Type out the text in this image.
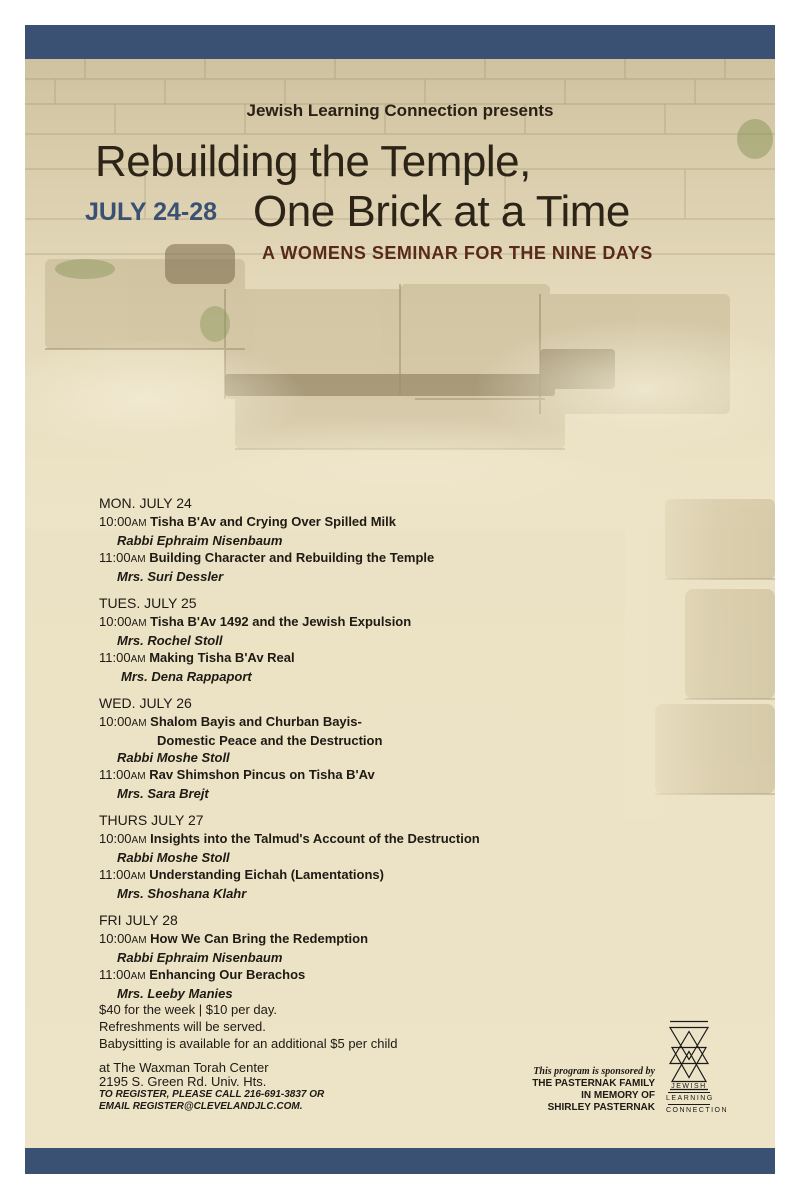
Jewish Learning Connection presents
Rebuilding the Temple,
JULY 24-28 One Brick at a Time
A WOMENS SEMINAR FOR THE NINE DAYS
MON. JULY 24
10:00AM Tisha B'Av and Crying Over Spilled Milk
Rabbi Ephraim Nisenbaum
11:00AM Building Character and Rebuilding the Temple
Mrs. Suri Dessler
TUES. JULY 25
10:00AM Tisha B'Av 1492 and the Jewish Expulsion
Mrs. Rochel Stoll
11:00AM Making Tisha B'Av Real
Mrs. Dena Rappaport
WED. JULY 26
10:00AM Shalom Bayis and Churban Bayis-
Domestic Peace and the Destruction
Rabbi Moshe Stoll
11:00AM Rav Shimshon Pincus on Tisha B'Av
Mrs. Sara Brejt
THURS JULY 27
10:00AM Insights into the Talmud's Account of the Destruction
Rabbi Moshe Stoll
11:00AM Understanding Eichah (Lamentations)
Mrs. Shoshana Klahr
FRI JULY 28
10:00AM How We Can Bring the Redemption
Rabbi Ephraim Nisenbaum
11:00AM Enhancing Our Berachos
Mrs. Leeby Manies
$40 for the week | $10 per day.
Refreshments will be served.
Babysitting is available for an additional $5 per child
at The Waxman Torah Center
2195 S. Green Rd. Univ. Hts.
TO REGISTER, PLEASE CALL 216-691-3837 OR
EMAIL REGISTER@CLEVELANDJLC.COM.
This program is sponsored by
THE PASTERNAK FAMILY
IN MEMORY OF
SHIRLEY PASTERNAK
JEWISH
LEARNING
CONNECTION
